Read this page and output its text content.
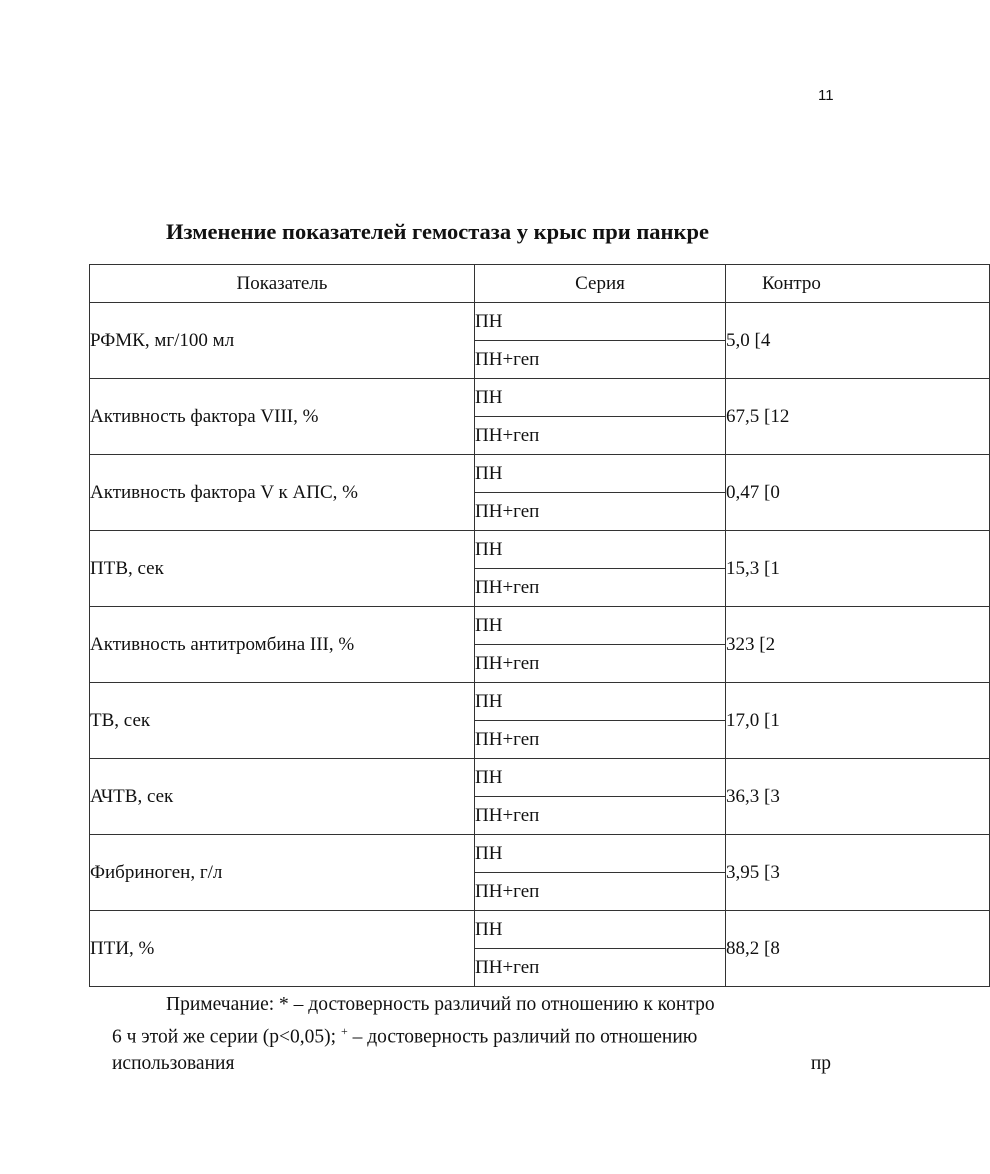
11
Изменение показателей гемостаза у крыс при панкре
Показатель	Серия	Контро
РФМК, мг/100 мл	ПН	5,0 [4
	ПН+геп	
Активность фактора VIII, %	ПН	67,5 [12
	ПН+геп	
Активность фактора V к АПС, %	ПН	0,47 [0
	ПН+геп	
ПТВ, сек	ПН	15,3 [1
	ПН+геп	
Активность антитромбина III, %	ПН	323 [2
	ПН+геп	
ТВ, сек	ПН	17,0 [1
	ПН+геп	
АЧТВ, сек	ПН	36,3 [3
	ПН+геп	
Фибриноген, г/л	ПН	3,95 [3
	ПН+геп	
ПТИ, %	ПН	88,2 [8
	ПН+геп	

Примечание: * – достоверность различий по отношению к контро

6 ч этой же серии (p<0,05); + – достоверность различий по отношению

использования	пр
